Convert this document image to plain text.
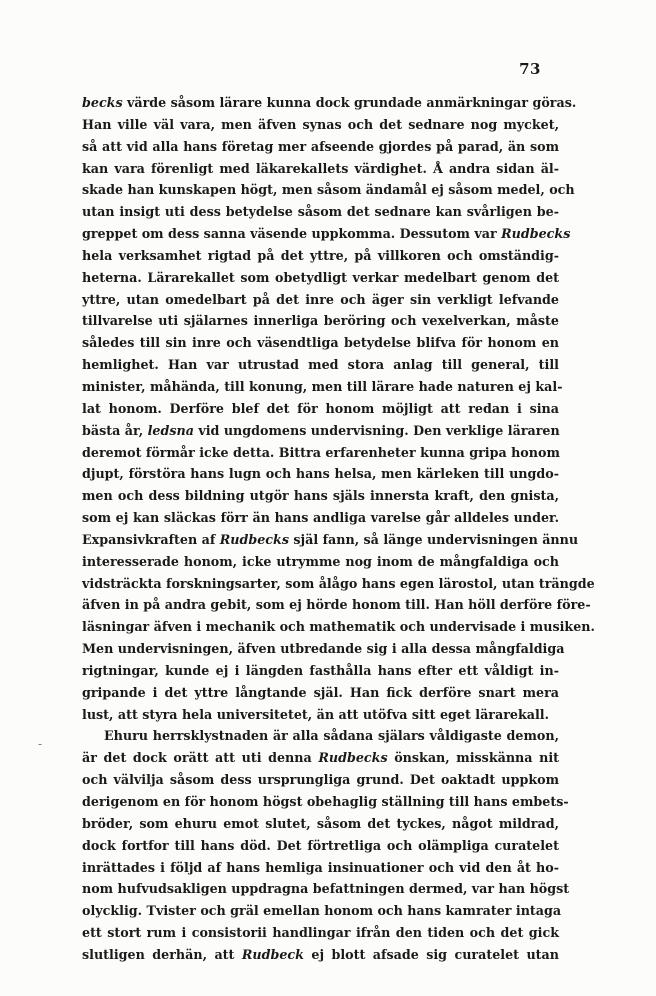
73
-
becks värde såsom lärare kunna dock grundade anmärkningar göras.
Han ville väl vara, men äfven synas och det sednare nog mycket,
så att vid alla hans företag mer afseende gjordes på parad, än som
kan vara förenligt med läkarekallets värdighet. Å andra sidan äl-
skade han kunskapen högt, men såsom ändamål ej såsom medel, och
utan insigt uti dess betydelse såsom det sednare kan svårligen be-
greppet om dess sanna väsende uppkomma. Dessutom var Rudbecks
hela verksamhet rigtad på det yttre, på villkoren och omständig-
heterna. Lärarekallet som obetydligt verkar medelbart genom det
yttre, utan omedelbart på det inre och äger sin verkligt lefvande
tillvarelse uti själarnes innerliga beröring och vexelverkan, måste
således till sin inre och väsendtliga betydelse blifva för honom en
hemlighet. Han var utrustad med stora anlag till general, till
minister, måhända, till konung, men till lärare hade naturen ej kal-
lat honom. Derföre blef det för honom möjligt att redan i sina
bästa år, ledsna vid ungdomens undervisning. Den verklige läraren
deremot förmår icke detta. Bittra erfarenheter kunna gripa honom
djupt, förstöra hans lugn och hans helsa, men kärleken till ungdo-
men och dess bildning utgör hans själs innersta kraft, den gnista,
som ej kan släckas förr än hans andliga varelse går alldeles under.
Expansivkraften af Rudbecks själ fann, så länge undervisningen ännu
interesserade honom, icke utrymme nog inom de mångfaldiga och
vidsträckta forskningsarter, som ålågo hans egen lärostol, utan trängde
äfven in på andra gebit, som ej hörde honom till. Han höll derföre före-
läsningar äfven i mechanik och mathematik och undervisade i musiken.
Men undervisningen, äfven utbredande sig i alla dessa mångfaldiga
rigtningar, kunde ej i längden fasthålla hans efter ett våldigt in-
gripande i det yttre långtande själ. Han fick derföre snart mera
lust, att styra hela universitetet, än att utöfva sitt eget lärarekall.
Ehuru herrsklystnaden är alla sådana själars våldigaste demon,
är det dock orätt att uti denna Rudbecks önskan, misskänna nit
och välvilja såsom dess ursprungliga grund. Det oaktadt uppkom
derigenom en för honom högst obehaglig ställning till hans embets-
bröder, som ehuru emot slutet, såsom det tyckes, något mildrad,
dock fortfor till hans död. Det förtretliga och olämpliga curatelet
inrättades i följd af hans hemliga insinuationer och vid den åt ho-
nom hufvudsakligen uppdragna befattningen dermed, var han högst
olycklig. Tvister och gräl emellan honom och hans kamrater intaga
ett stort rum i consistorii handlingar ifrån den tiden och det gick
slutligen derhän, att Rudbeck ej blott afsade sig curatelet utan
